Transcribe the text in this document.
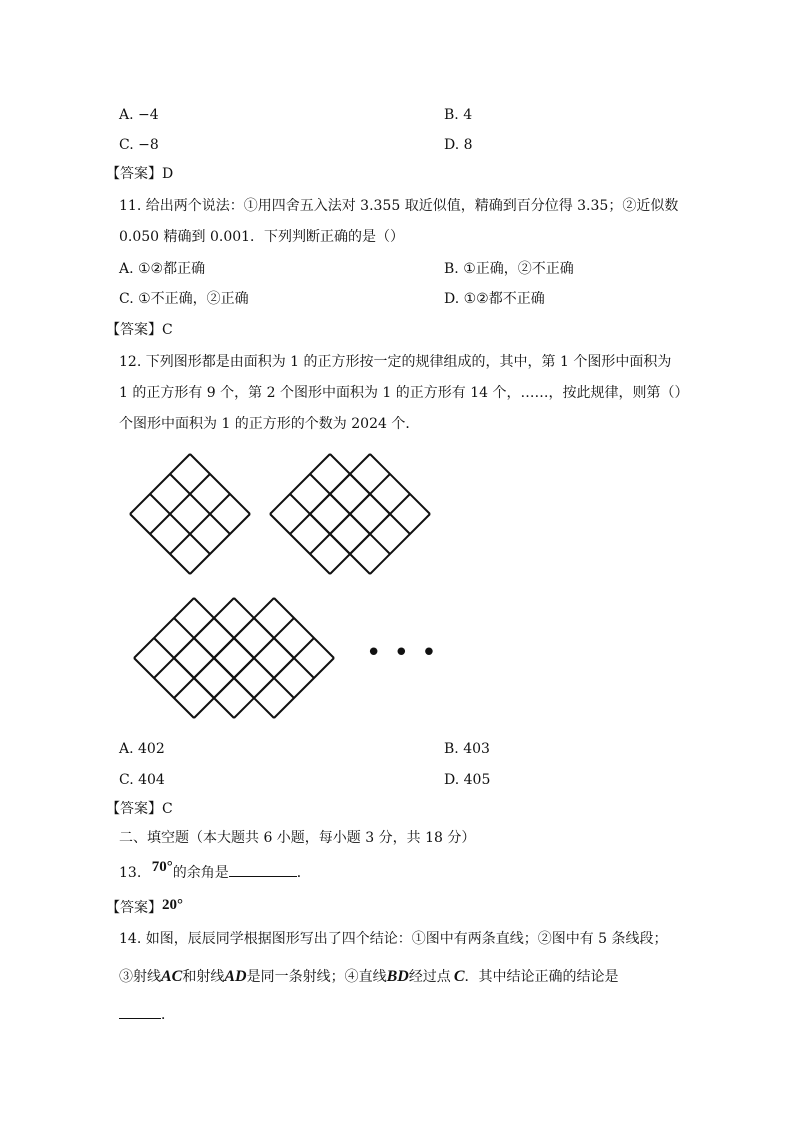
A. −4	B. 4
C. −8	D. 8
【答案】D
11. 给出两个说法：①用四舍五入法对 3.355 取近似值，精确到百分位得 3.35；②近似数
0.050 精确到 0.001．下列判断正确的是（）
A. ①②都正确	B. ①正确，②不正确
C. ①不正确，②正确	D. ①②都不正确
【答案】C
12. 下列图形都是由面积为 1 的正方形按一定的规律组成的，其中，第 1 个图形中面积为
1 的正方形有 9 个，第 2 个图形中面积为 1 的正方形有 14 个，……，按此规律，则第（）
个图形中面积为 1 的正方形的个数为 2024 个．
• • •
A. 402	B. 403
C. 404	D. 405
【答案】C
二、填空题（本大题共 6 小题，每小题 3 分，共 18 分）
13. 70°的余角是	．
【答案】20°
14. 如图，辰辰同学根据图形写出了四个结论：①图中有两条直线；②图中有 5 条线段；
③射线AC和射线AD是同一条射线；④直线BD经过点 C．其中结论正确的结论是
．
